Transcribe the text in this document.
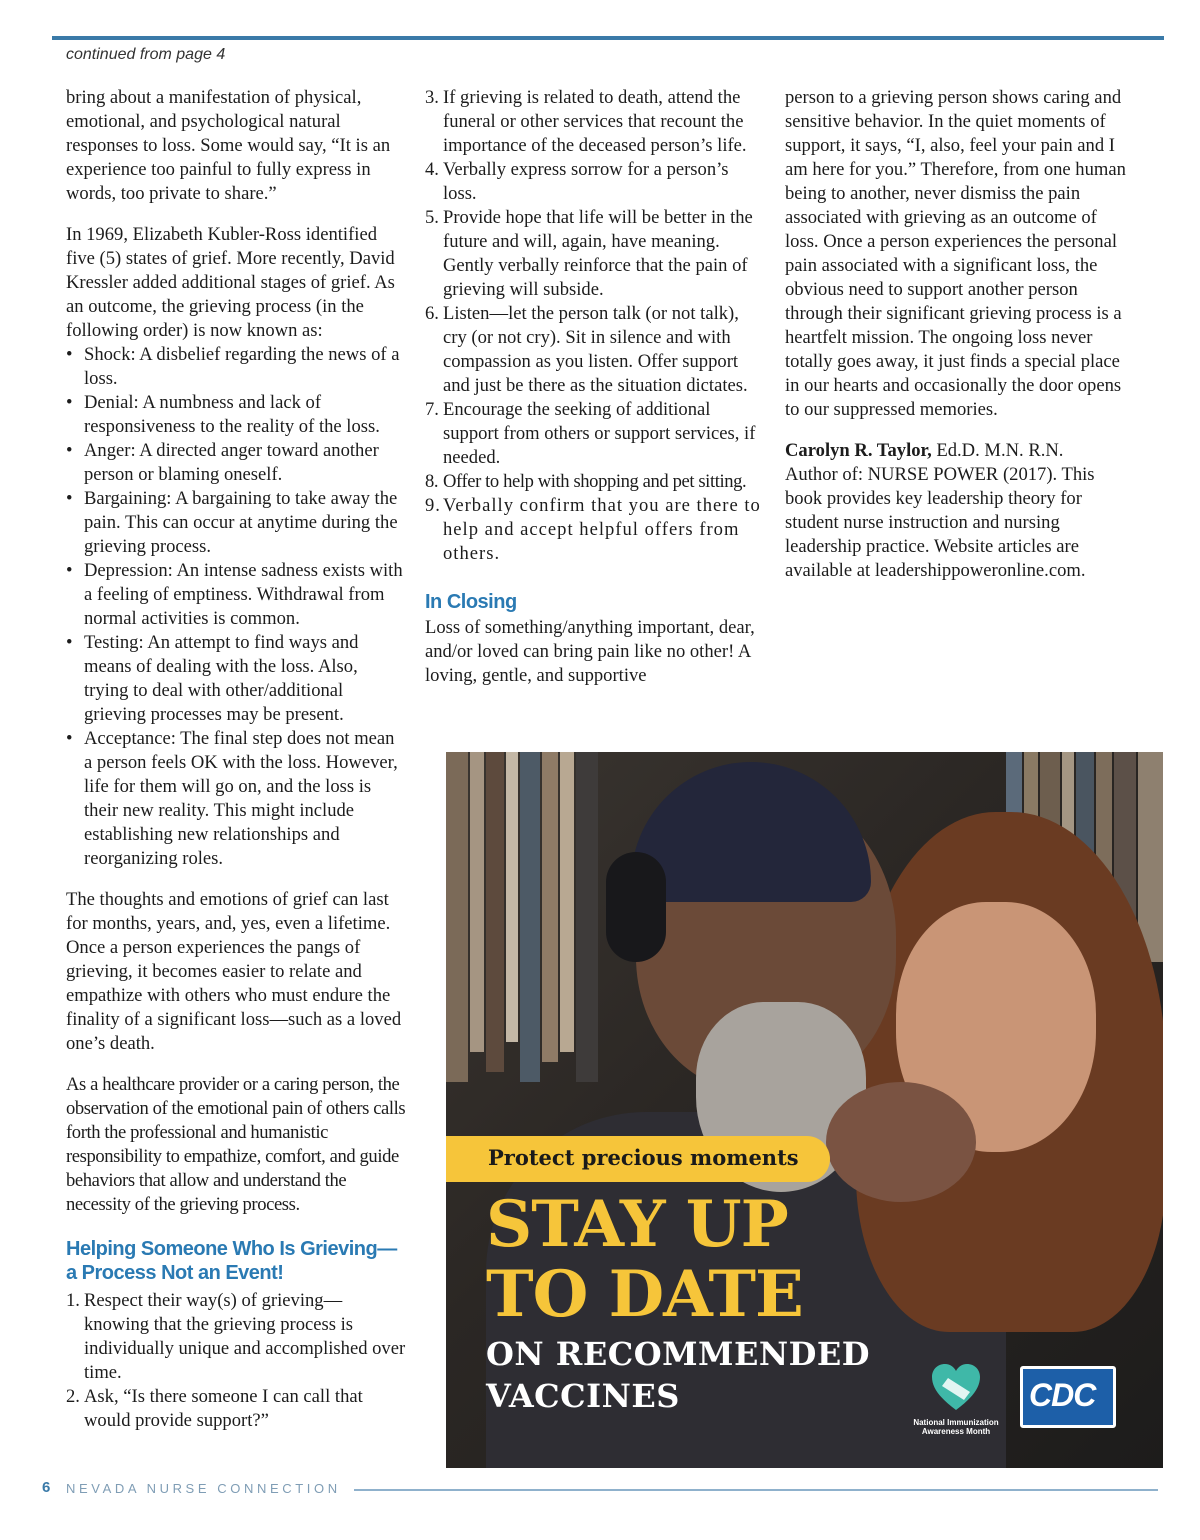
continued from page 4

bring about a manifestation of physical, emotional, and psychological natural responses to loss. Some would say, “It is an experience too painful to fully express in words, too private to share.”

In 1969, Elizabeth Kubler-Ross identified five (5) states of grief. More recently, David Kressler added additional stages of grief. As an outcome, the grieving process (in the following order) is now known as:

• Shock: A disbelief regarding the news of a loss.
• Denial: A numbness and lack of responsiveness to the reality of the loss.
• Anger: A directed anger toward another person or blaming oneself.
• Bargaining: A bargaining to take away the pain. This can occur at anytime during the grieving process.
• Depression: An intense sadness exists with a feeling of emptiness. Withdrawal from normal activities is common.
• Testing: An attempt to find ways and means of dealing with the loss. Also, trying to deal with other/additional grieving processes may be present.
• Acceptance: The final step does not mean a person feels OK with the loss. However, life for them will go on, and the loss is their new reality. This might include establishing new relationships and reorganizing roles.

The thoughts and emotions of grief can last for months, years, and, yes, even a lifetime. Once a person experiences the pangs of grieving, it becomes easier to relate and empathize with others who must endure the finality of a significant loss—such as a loved one’s death.

As a healthcare provider or a caring person, the observation of the emotional pain of others calls forth the professional and humanistic responsibility to empathize, comfort, and guide behaviors that allow and understand the necessity of the grieving process.

Helping Someone Who Is Grieving—a Process Not an Event!
1. Respect their way(s) of grieving—knowing that the grieving process is individually unique and accomplished over time.
2. Ask, “Is there someone I can call that would provide support?”
3. If grieving is related to death, attend the funeral or other services that recount the importance of the deceased person’s life.
4. Verbally express sorrow for a person’s loss.
5. Provide hope that life will be better in the future and will, again, have meaning. Gently verbally reinforce that the pain of grieving will subside.
6. Listen—let the person talk (or not talk), cry (or not cry). Sit in silence and with compassion as you listen. Offer support and just be there as the situation dictates.
7. Encourage the seeking of additional support from others or support services, if needed.
8. Offer to help with shopping and pet sitting.
9. Verbally confirm that you are there to help and accept helpful offers from others.
In Closing

Loss of something/anything important, dear, and/or loved can bring pain like no other! A loving, gentle, and supportive

person to a grieving person shows caring and sensitive behavior. In the quiet moments of support, it says, “I, also, feel your pain and I am here for you.” Therefore, from one human being to another, never dismiss the pain associated with grieving as an outcome of loss. Once a person experiences the personal pain associated with a significant loss, the obvious need to support another person through their significant grieving process is a heartfelt mission. The ongoing loss never totally goes away, it just finds a special place in our hearts and occasionally the door opens to our suppressed memories.

Carolyn R. Taylor, Ed.D. M.N. R.N.
Author of: NURSE POWER (2017). This book provides key leadership theory for student nurse instruction and nursing leadership practice. Website articles are available at leadershippoweronline.com.

Protect precious moments
STAY UP
TO DATE
ON RECOMMENDED
VACCINES
National Immunization
Awareness Month
CDC
6 NEVADA NURSE CONNECTION
